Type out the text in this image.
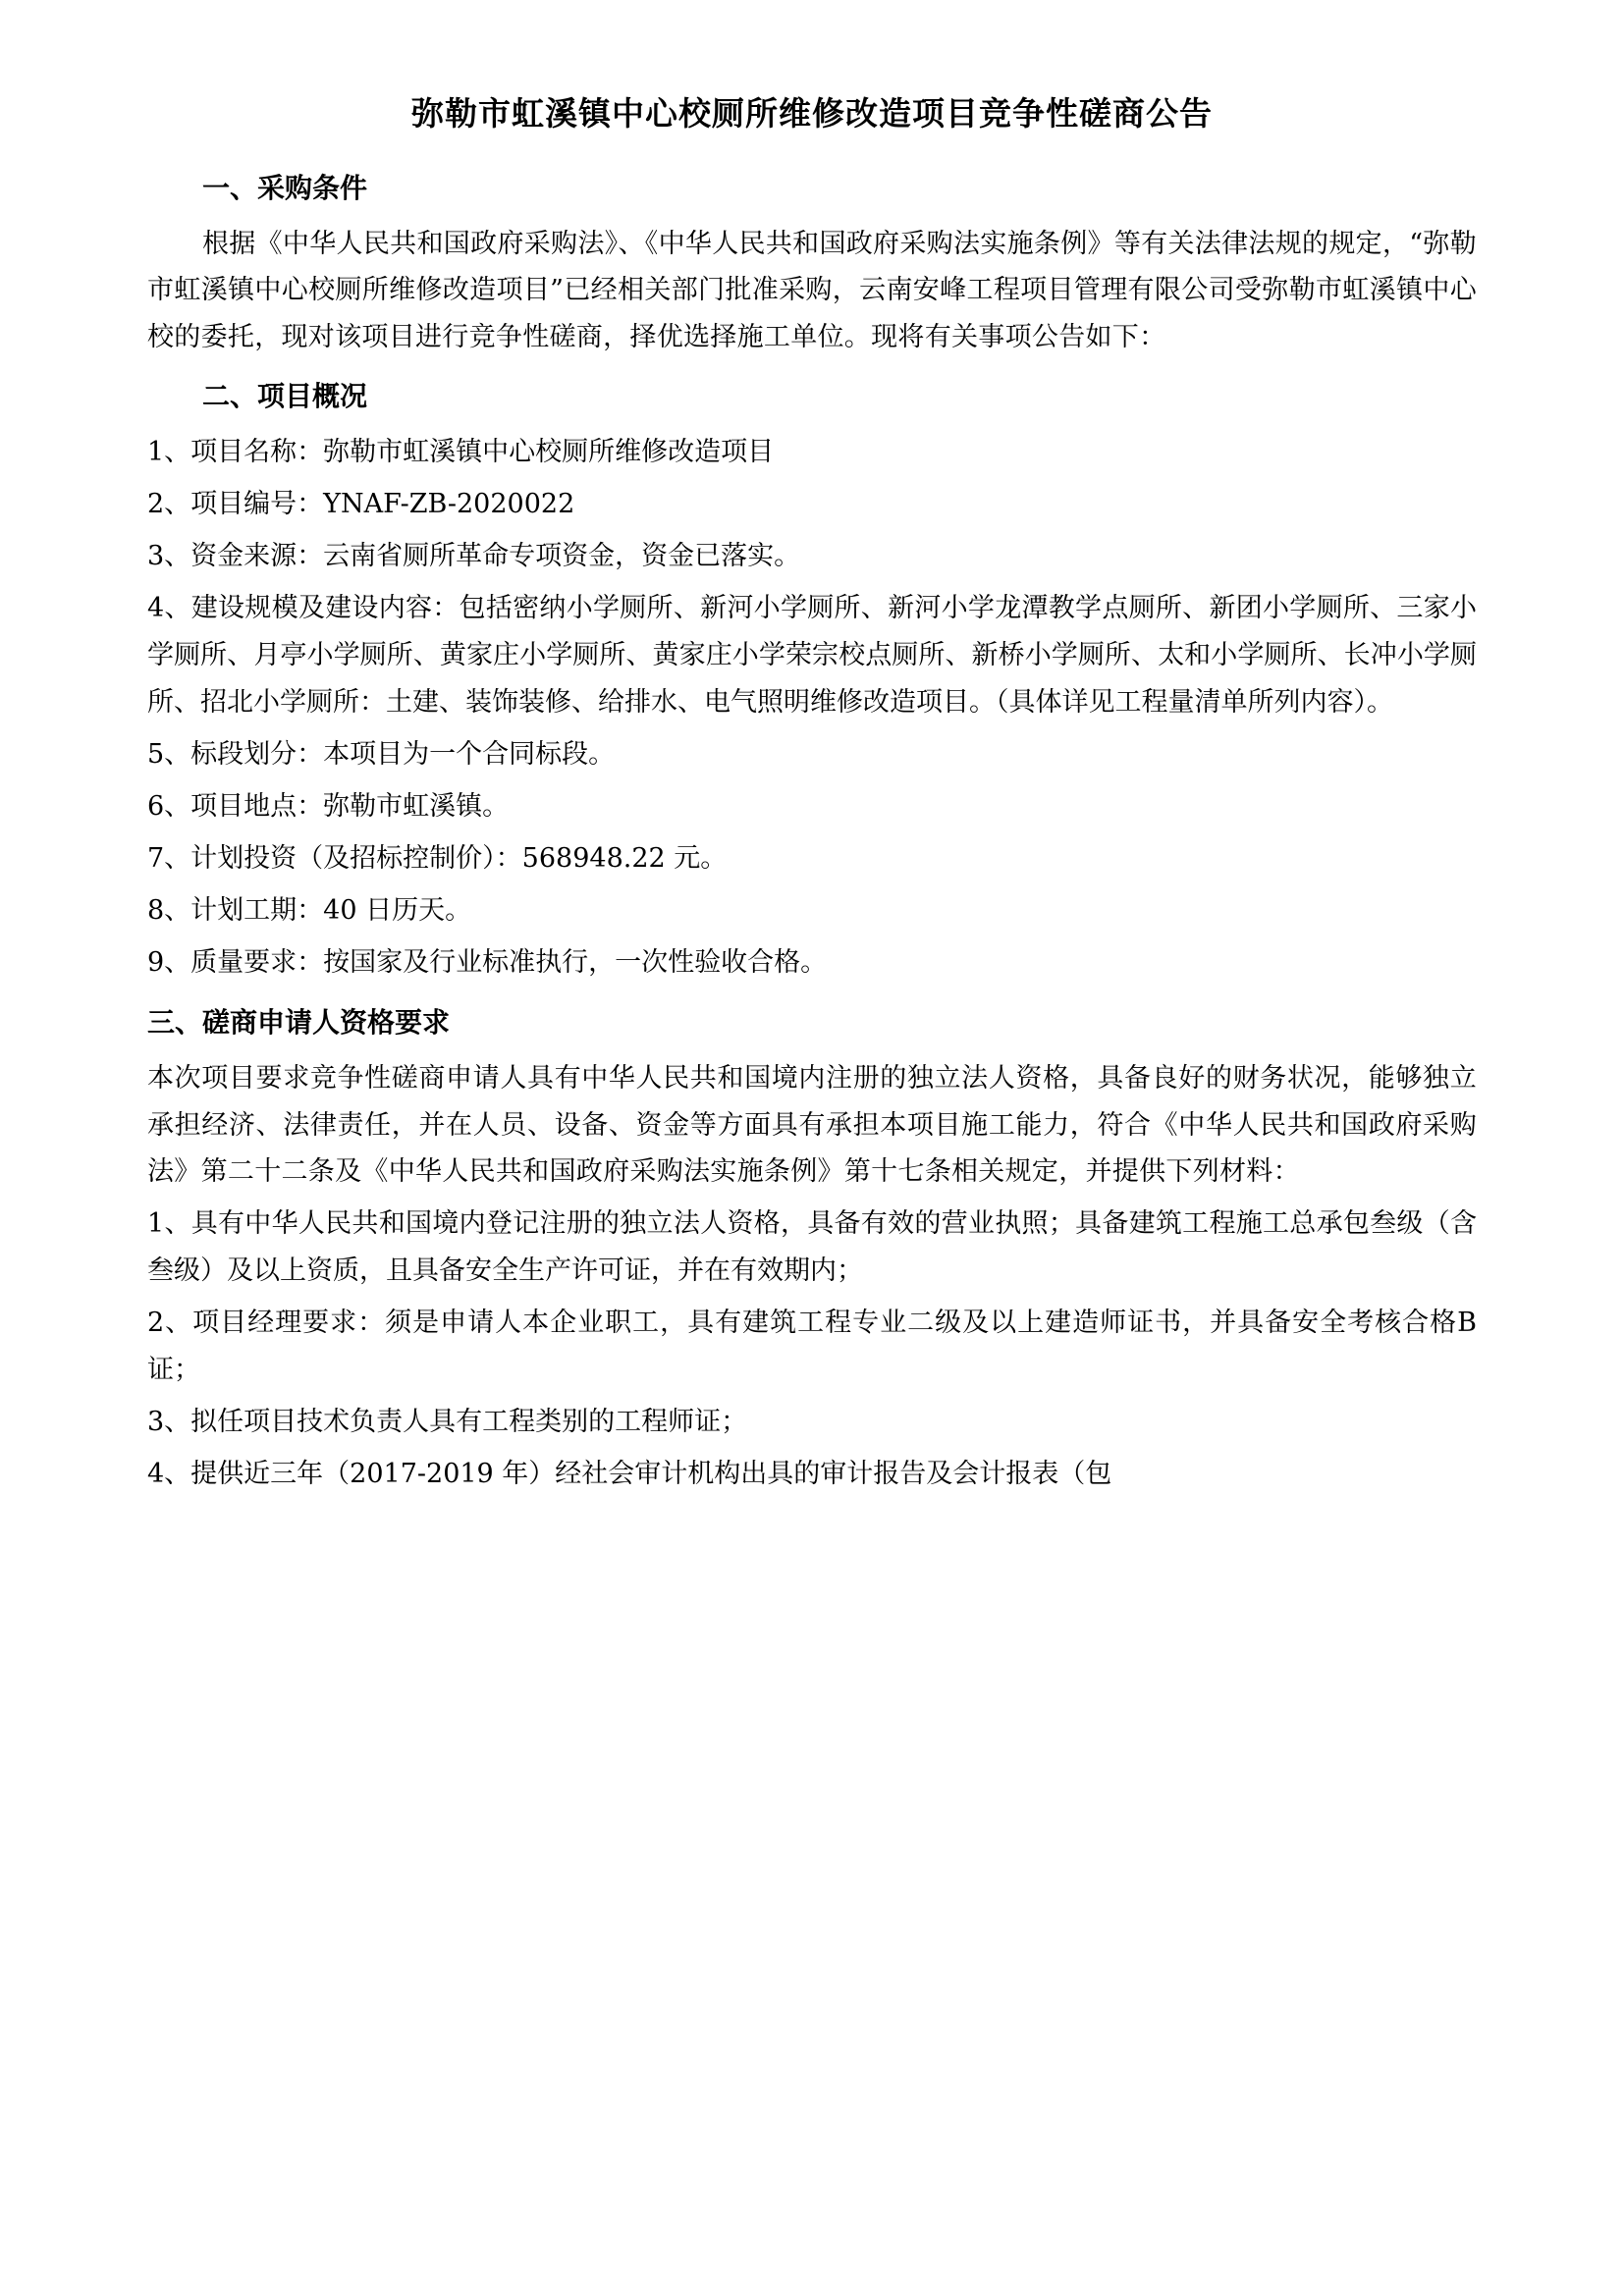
弥勒市虹溪镇中心校厕所维修改造项目竞争性磋商公告
一、采购条件

根据《中华人民共和国政府采购法》、《中华人民共和国政府采购法实施条例》等有关法律法规的规定，“弥勒市虹溪镇中心校厕所维修改造项目”已经相关部门批准采购，云南安峰工程项目管理有限公司受弥勒市虹溪镇中心校的委托，现对该项目进行竞争性磋商，择优选择施工单位。现将有关事项公告如下：

二、项目概况

1、项目名称：弥勒市虹溪镇中心校厕所维修改造项目

2、项目编号：YNAF-ZB-2020022

3、资金来源：云南省厕所革命专项资金，资金已落实。

4、建设规模及建设内容：包括密纳小学厕所、新河小学厕所、新河小学龙潭教学点厕所、新团小学厕所、三家小学厕所、月亭小学厕所、黄家庄小学厕所、黄家庄小学荣宗校点厕所、新桥小学厕所、太和小学厕所、长冲小学厕所、招北小学厕所：土建、装饰装修、给排水、电气照明维修改造项目。（具体详见工程量清单所列内容）。

5、标段划分：本项目为一个合同标段。

6、项目地点：弥勒市虹溪镇。

7、计划投资（及招标控制价）：568948.22 元。

8、计划工期：40 日历天。

9、质量要求：按国家及行业标准执行，一次性验收合格。

三、磋商申请人资格要求

本次项目要求竞争性磋商申请人具有中华人民共和国境内注册的独立法人资格，具备良好的财务状况，能够独立承担经济、法律责任，并在人员、设备、资金等方面具有承担本项目施工能力，符合《中华人民共和国政府采购法》第二十二条及《中华人民共和国政府采购法实施条例》第十七条相关规定，并提供下列材料：

1、具有中华人民共和国境内登记注册的独立法人资格，具备有效的营业执照；具备建筑工程施工总承包叁级（含叁级）及以上资质，且具备安全生产许可证，并在有效期内；

2、项目经理要求：须是申请人本企业职工，具有建筑工程专业二级及以上建造师证书，并具备安全考核合格B证；

3、拟任项目技术负责人具有工程类别的工程师证；

4、提供近三年（2017-2019 年）经社会审计机构出具的审计报告及会计报表（包
